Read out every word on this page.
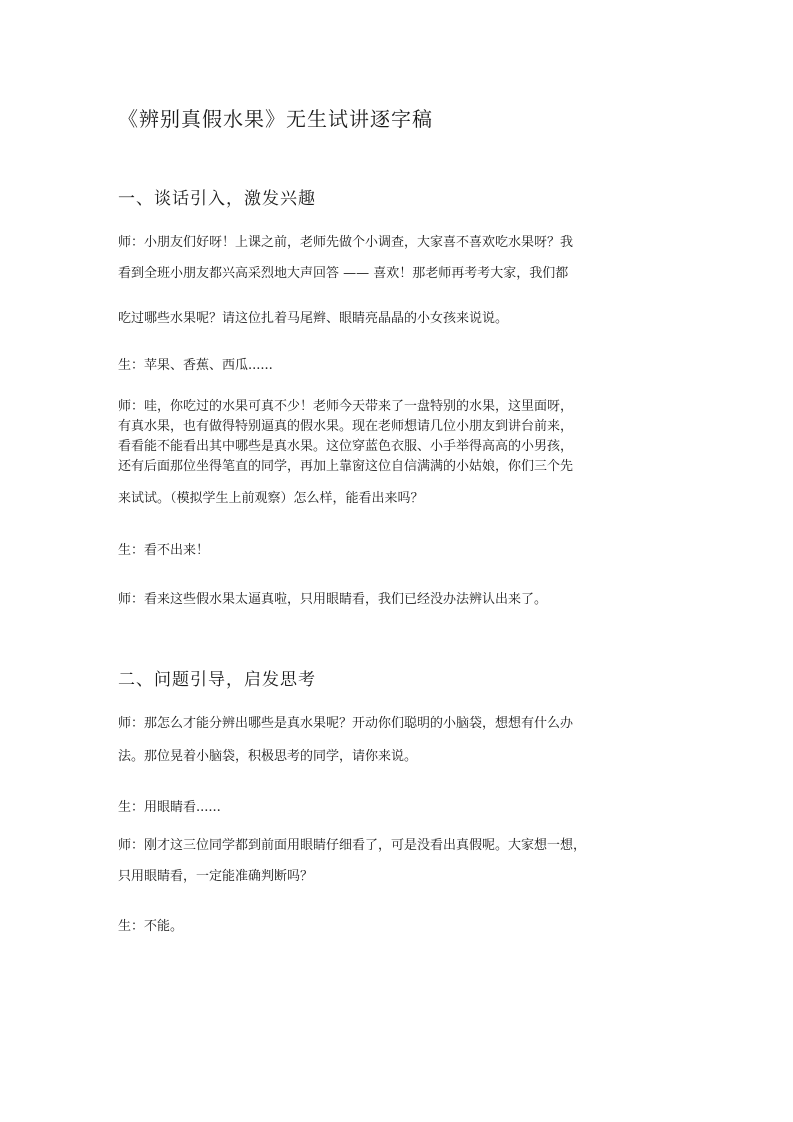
《辨别真假水果》无生试讲逐字稿
一、谈话引入，激发兴趣
师：小朋友们好呀！上课之前，老师先做个小调查，大家喜不喜欢吃水果呀？我
看到全班小朋友都兴高采烈地大声回答 —— 喜欢！那老师再考考大家，我们都
吃过哪些水果呢？请这位扎着马尾辫、眼睛亮晶晶的小女孩来说说。
生：苹果、香蕉、西瓜......
师：哇，你吃过的水果可真不少！老师今天带来了一盘特别的水果，这里面呀，
有真水果，也有做得特别逼真的假水果。现在老师想请几位小朋友到讲台前来，
看看能不能看出其中哪些是真水果。这位穿蓝色衣服、小手举得高高的小男孩，
还有后面那位坐得笔直的同学，再加上靠窗这位自信满满的小姑娘，你们三个先
来试试。（模拟学生上前观察）怎么样，能看出来吗？
生：看不出来！
师：看来这些假水果太逼真啦，只用眼睛看，我们已经没办法辨认出来了。
二、问题引导，启发思考
师：那怎么才能分辨出哪些是真水果呢？开动你们聪明的小脑袋，想想有什么办
法。那位晃着小脑袋，积极思考的同学，请你来说。
生：用眼睛看......
师：刚才这三位同学都到前面用眼睛仔细看了，可是没看出真假呢。大家想一想，
只用眼睛看，一定能准确判断吗？
生：不能。
